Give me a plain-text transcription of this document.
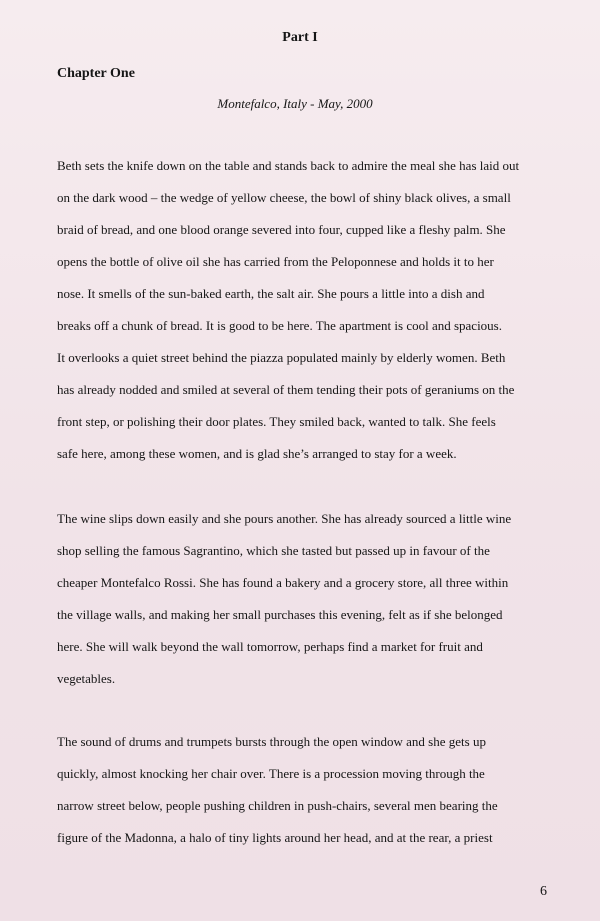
Part I
Chapter One

Montefalco, Italy - May, 2000

Beth sets the knife down on the table and stands back to admire the meal she has laid out
on the dark wood – the wedge of yellow cheese, the bowl of shiny black olives, a small
braid of bread, and one blood orange severed into four, cupped like a fleshy palm. She
opens the bottle of olive oil she has carried from the Peloponnese and holds it to her
nose. It smells of the sun-baked earth, the salt air. She pours a little into a dish and
breaks off a chunk of bread. It is good to be here. The apartment is cool and spacious.
It overlooks a quiet street behind the piazza populated mainly by elderly women. Beth
has already nodded and smiled at several of them tending their pots of geraniums on the
front step, or polishing their door plates. They smiled back, wanted to talk. She feels
safe here, among these women, and is glad she’s arranged to stay for a week.
The wine slips down easily and she pours another. She has already sourced a little wine
shop selling the famous Sagrantino, which she tasted but passed up in favour of the
cheaper Montefalco Rossi. She has found a bakery and a grocery store, all three within
the village walls, and making her small purchases this evening, felt as if she belonged
here. She will walk beyond the wall tomorrow, perhaps find a market for fruit and
vegetables.
The sound of drums and trumpets bursts through the open window and she gets up
quickly, almost knocking her chair over. There is a procession moving through the
narrow street below, people pushing children in push-chairs, several men bearing the
figure of the Madonna, a halo of tiny lights around her head, and at the rear, a priest

6
